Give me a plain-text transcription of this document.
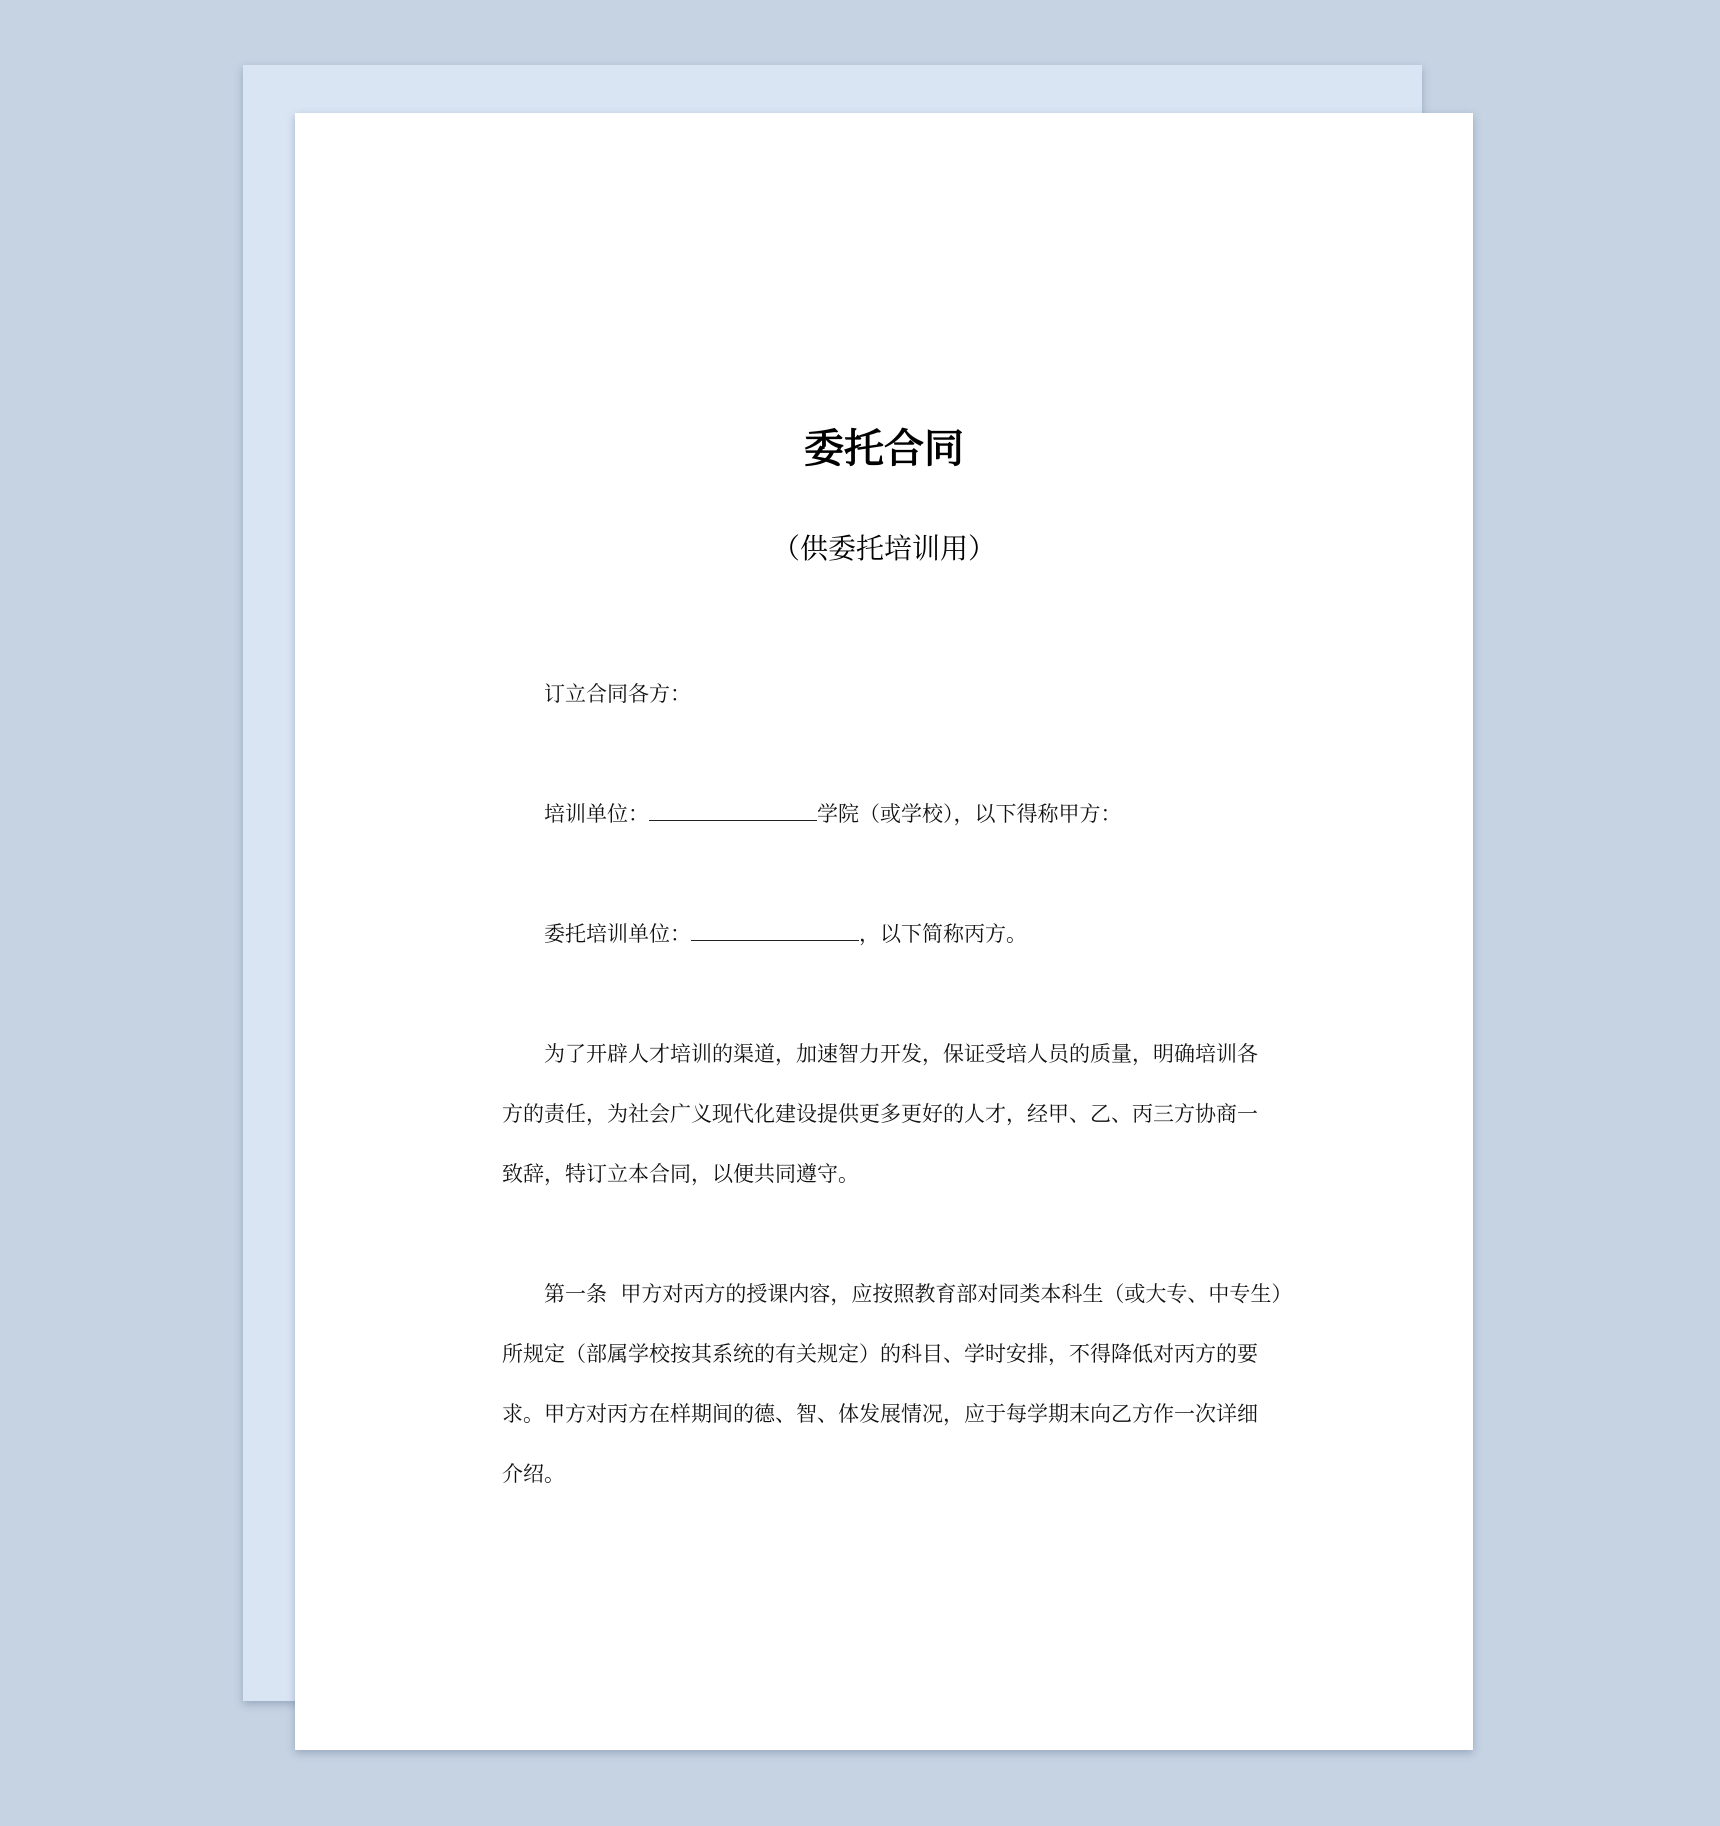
委托合同
（供委托培训用）
订立合同各方：
培训单位：	学院（或学校），以下得称甲方：
委托培训单位：	，以下简称丙方。
为了开辟人才培训的渠道，加速智力开发，保证受培人员的质量，明确培训各
方的责任，为社会广义现代化建设提供更多更好的人才，经甲、乙、丙三方协商一
致辞，特订立本合同，以便共同遵守。
第一条  甲方对丙方的授课内容，应按照教育部对同类本科生（或大专、中专生）
所规定（部属学校按其系统的有关规定）的科目、学时安排，不得降低对丙方的要
求。甲方对丙方在样期间的德、智、体发展情况，应于每学期末向乙方作一次详细
介绍。
